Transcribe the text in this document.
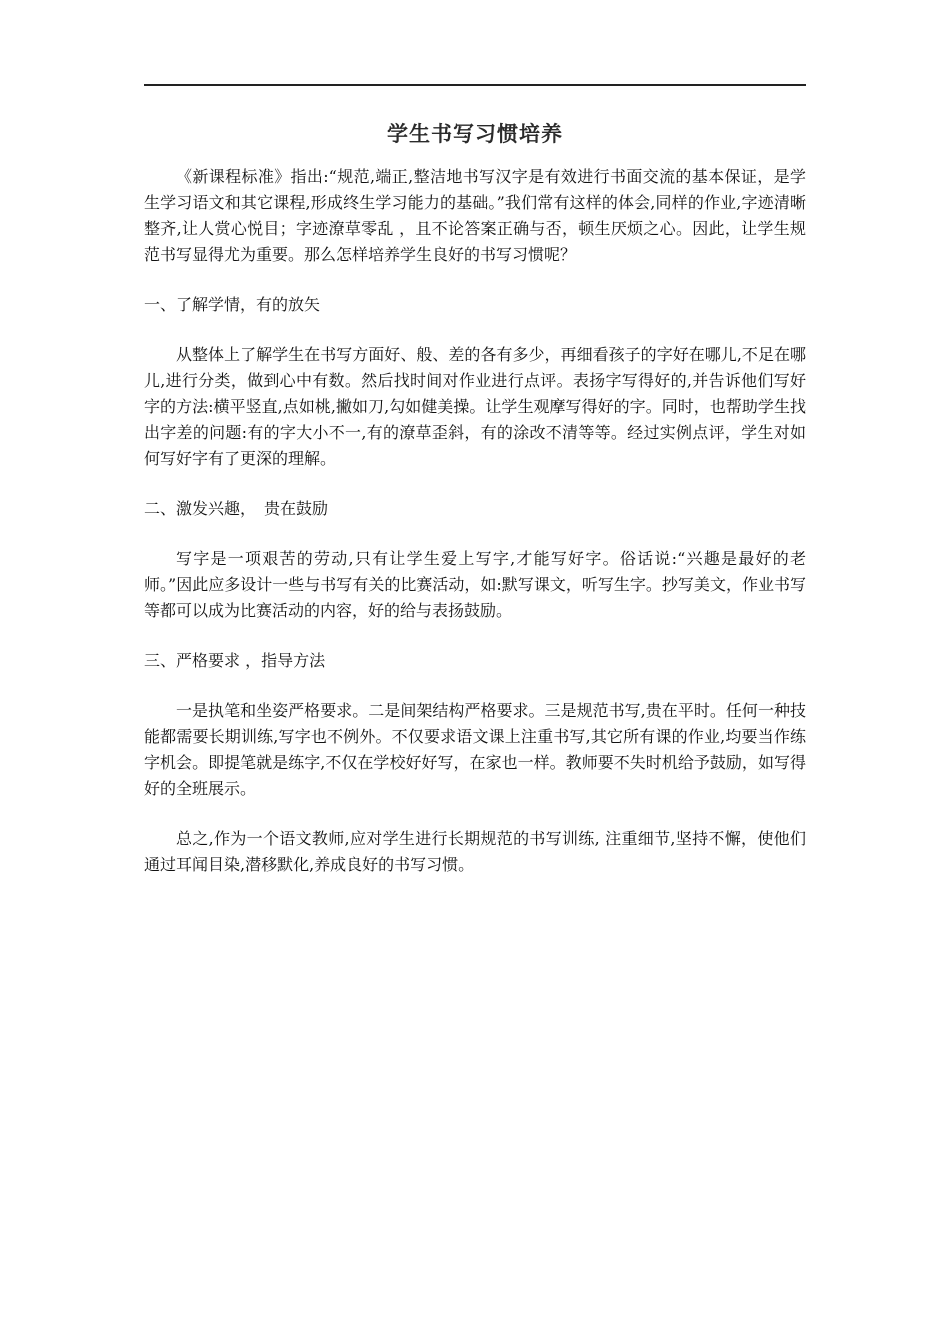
学生书写习惯培养

《新课程标准》指出:“规范,端正,整洁地书写汉字是有效进行书面交流的基本保证，是学生学习语文和其它课程,形成终生学习能力的基础。”我们常有这样的体会,同样的作业,字迹清晰整齐,让人赏心悦目；字迹潦草零乱 ，且不论答案正确与否，顿生厌烦之心。因此，让学生规范书写显得尤为重要。那么怎样培养学生良好的书写习惯呢？

一、了解学情，有的放矢

从整体上了解学生在书写方面好、般、差的各有多少，再细看孩子的字好在哪儿,不足在哪儿,进行分类，做到心中有数。然后找时间对作业进行点评。表扬字写得好的,并告诉他们写好字的方法:横平竖直,点如桃,撇如刀,勾如健美操。让学生观摩写得好的字。同时，也帮助学生找出字差的问题:有的字大小不一,有的潦草歪斜，有的涂改不清等等。经过实例点评，学生对如何写好字有了更深的理解。

二、激发兴趣，　贵在鼓励

写字是一项艰苦的劳动,只有让学生爱上写字,才能写好字。俗话说:“兴趣是最好的老师。”因此应多设计一些与书写有关的比赛活动，如:默写课文，听写生字。抄写美文，作业书写等都可以成为比赛活动的内容，好的给与表扬鼓励。

三、严格要求 ，指导方法

一是执笔和坐姿严格要求。二是间架结构严格要求。三是规范书写,贵在平时。任何一种技能都需要长期训练,写字也不例外。不仅要求语文课上注重书写,其它所有课的作业,均要当作练字机会。即提笔就是练字,不仅在学校好好写，在家也一样。教师要不失时机给予鼓励，如写得好的全班展示。

总之,作为一个语文教师,应对学生进行长期规范的书写训练, 注重细节,坚持不懈，使他们通过耳闻目染,潜移默化,养成良好的书写习惯。
